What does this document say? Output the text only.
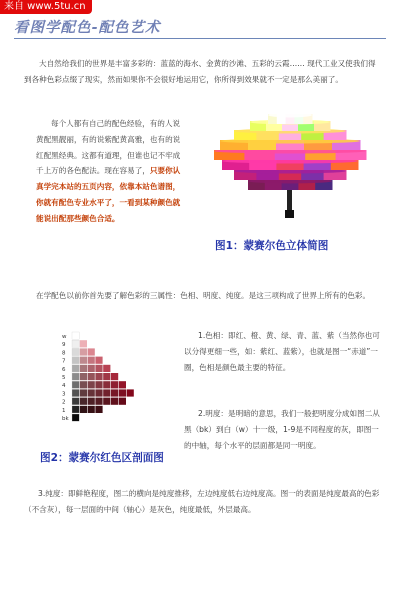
来自 www.5tu.cn
看图学配色-配色艺术
大自然给我们的世界是丰富多彩的：蓝蓝的海水、金黄的沙滩、五彩的云霞…… 现代工业又使我们得到各种色彩点缀了现实，然而如果你不会很好地运用它，你所得到效果就不一定是那么美丽了。
每个人都有自己的配色经验，有的人说黄配黑靓丽，有的说紫配黄高雅，也有的说红配黑经典。这都有道理，但谁也记不牢成千上万的各色配法。现在容易了，只要你认真学完本站的五页内容，依靠本站色谱图，你就有配色专业水平了，一看到某种颜色就能说出配那些颜色合适。
图1：蒙赛尔色立体简图
在学配色以前你首先要了解色彩的三属性：色相、明度、纯度。是这三项构成了世界上所有的色彩。
w
9
8
7
6
5
4
3
2
1
bk
图2：蒙赛尔红色区剖面图
1.色相：即红、橙、黄、绿、青、蓝、紫（当然你也可以分得更细一些，如：紫红、蓝紫），也就是图一“赤道”一圈，色相是颜色最主要的特征。
2.明度：是明暗的意思，我们一般把明度分成如图二从黑（bk）到白（w）十一级，1-9是不同程度的灰，即图一的中轴，每个水平的层面都是同一明度。
3.纯度：即鲜艳程度，图二的横向是纯度推移，左边纯度低右边纯度高。图一的表面是纯度最高的色彩（不含灰），每一层面的中间（轴心）是灰色，纯度最低，外层最高。
